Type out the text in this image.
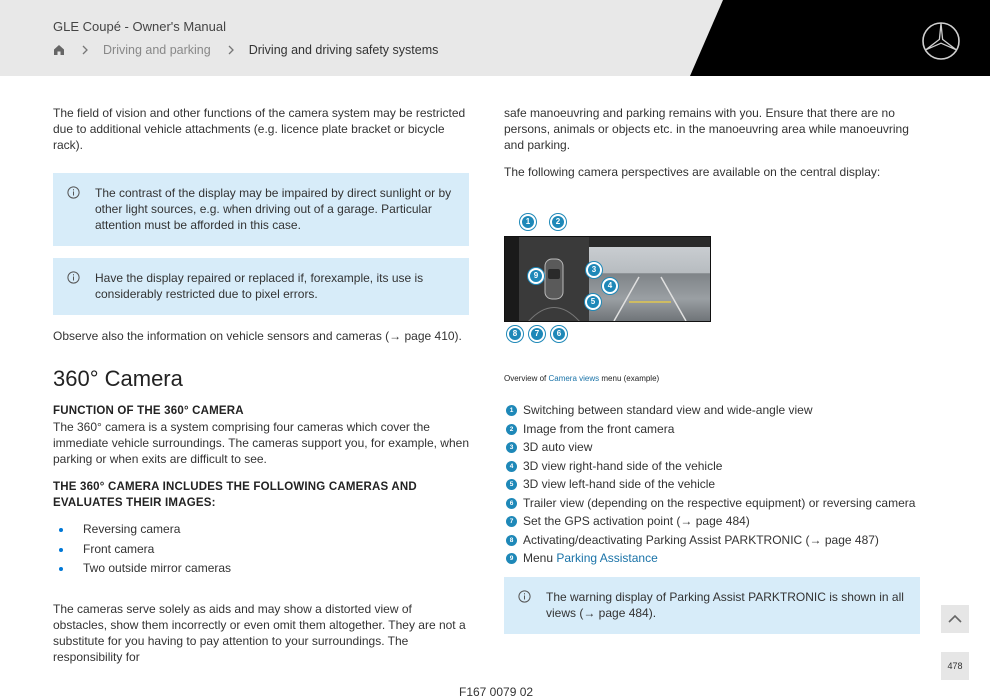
GLE Coupé - Owner's Manual
Driving and parking	Driving and driving safety systems

The field of vision and other functions of the camera system may be restricted due to additional vehicle attachments (e.g. licence plate bracket or bicycle rack).

The contrast of the display may be impaired by direct sunlight or by other light sources, e.g. when driving out of a garage. Particular attention must be afforded in this case.
Have the display repaired or replaced if, forexample, its use is considerably restricted due to pixel errors.

Observe also the information on vehicle sensors and cameras (→ page 410).

360° Camera
FUNCTION OF THE 360° CAMERA

The 360° camera is a system comprising four cameras which cover the immediate vehicle surroundings. The cameras support you, for example, when parking or when exits are difficult to see.

THE 360° CAMERA INCLUDES THE FOLLOWING CAMERAS AND EVALUATES THEIR IMAGES:
Reversing camera
Front camera
Two outside mirror cameras

The cameras serve solely as aids and may show a distorted view of obstacles, show them incorrectly or even omit them altogether. They are not a substitute for you having to pay attention to your surroundings. The responsibility for

safe manoeuvring and parking remains with you. Ensure that there are no persons, animals or objects etc. in the manoeuvring area while manoeuvring and parking.

The following camera perspectives are available on the central display:

1	2
9
3
4
5
8	7	6
Overview of Camera views menu (example)
1 Switching between standard view and wide-angle view
2 Image from the front camera
3 3D auto view
4 3D view right-hand side of the vehicle
5 3D view left-hand side of the vehicle
6 Trailer view (depending on the respective equipment) or reversing camera
7 Set the GPS activation point (→ page 484)
8 Activating/deactivating Parking Assist PARKTRONIC (→ page 487)
9 Menu Parking Assistance
The warning display of Parking Assist PARKTRONIC is shown in all views (→ page 484).
F167 0079 02
478
